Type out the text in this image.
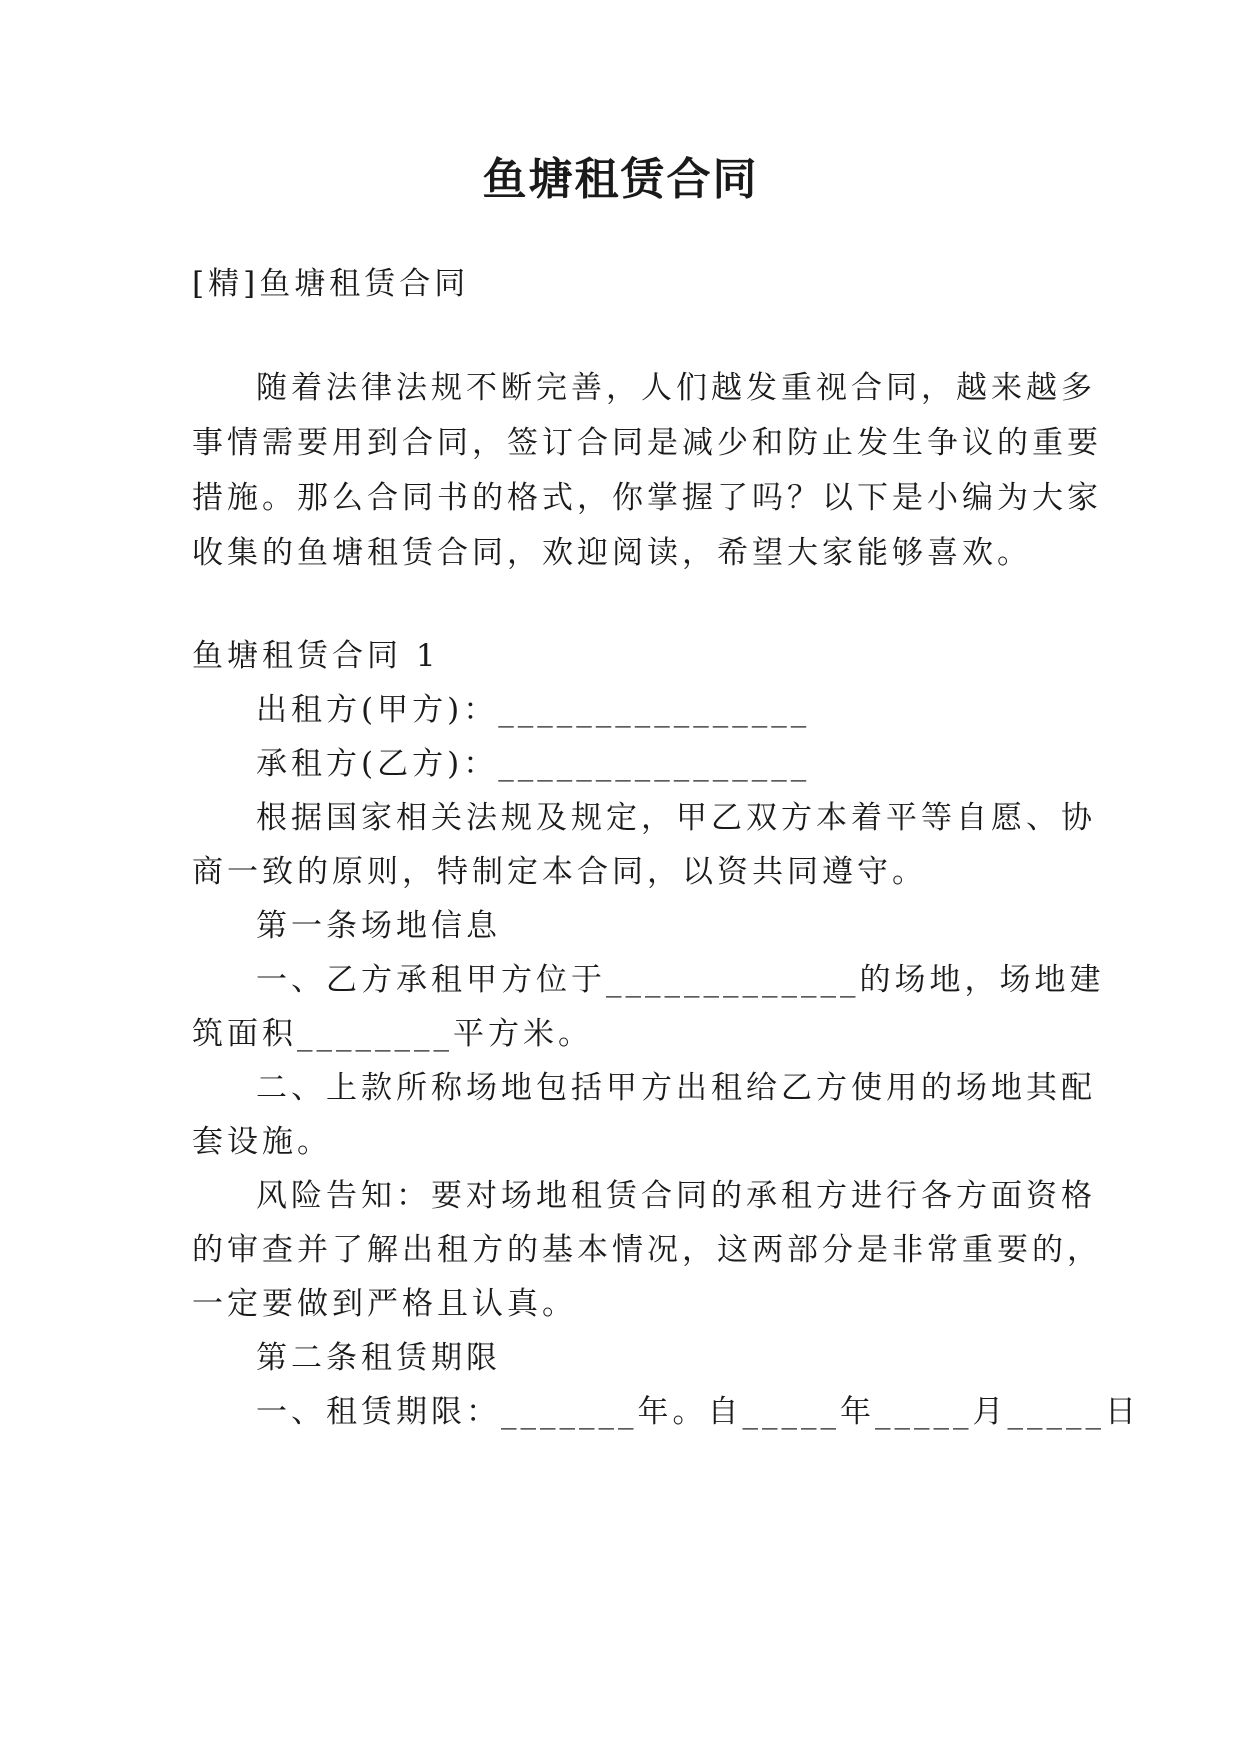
鱼塘租赁合同
[精]鱼塘租赁合同
随着法律法规不断完善，人们越发重视合同，越来越多
事情需要用到合同，签订合同是减少和防止发生争议的重要
措施。那么合同书的格式，你掌握了吗？以下是小编为大家
收集的鱼塘租赁合同，欢迎阅读，希望大家能够喜欢。
鱼塘租赁合同 1
出租方(甲方)：________________
承租方(乙方)：________________
根据国家相关法规及规定，甲乙双方本着平等自愿、协
商一致的原则，特制定本合同，以资共同遵守。
第一条场地信息
一、乙方承租甲方位于_____________的场地，场地建
筑面积________平方米。
二、上款所称场地包括甲方出租给乙方使用的场地其配
套设施。
风险告知：要对场地租赁合同的承租方进行各方面资格
的审查并了解出租方的基本情况，这两部分是非常重要的，
一定要做到严格且认真。
第二条租赁期限
一、租赁期限：_______年。自_____年_____月_____日
